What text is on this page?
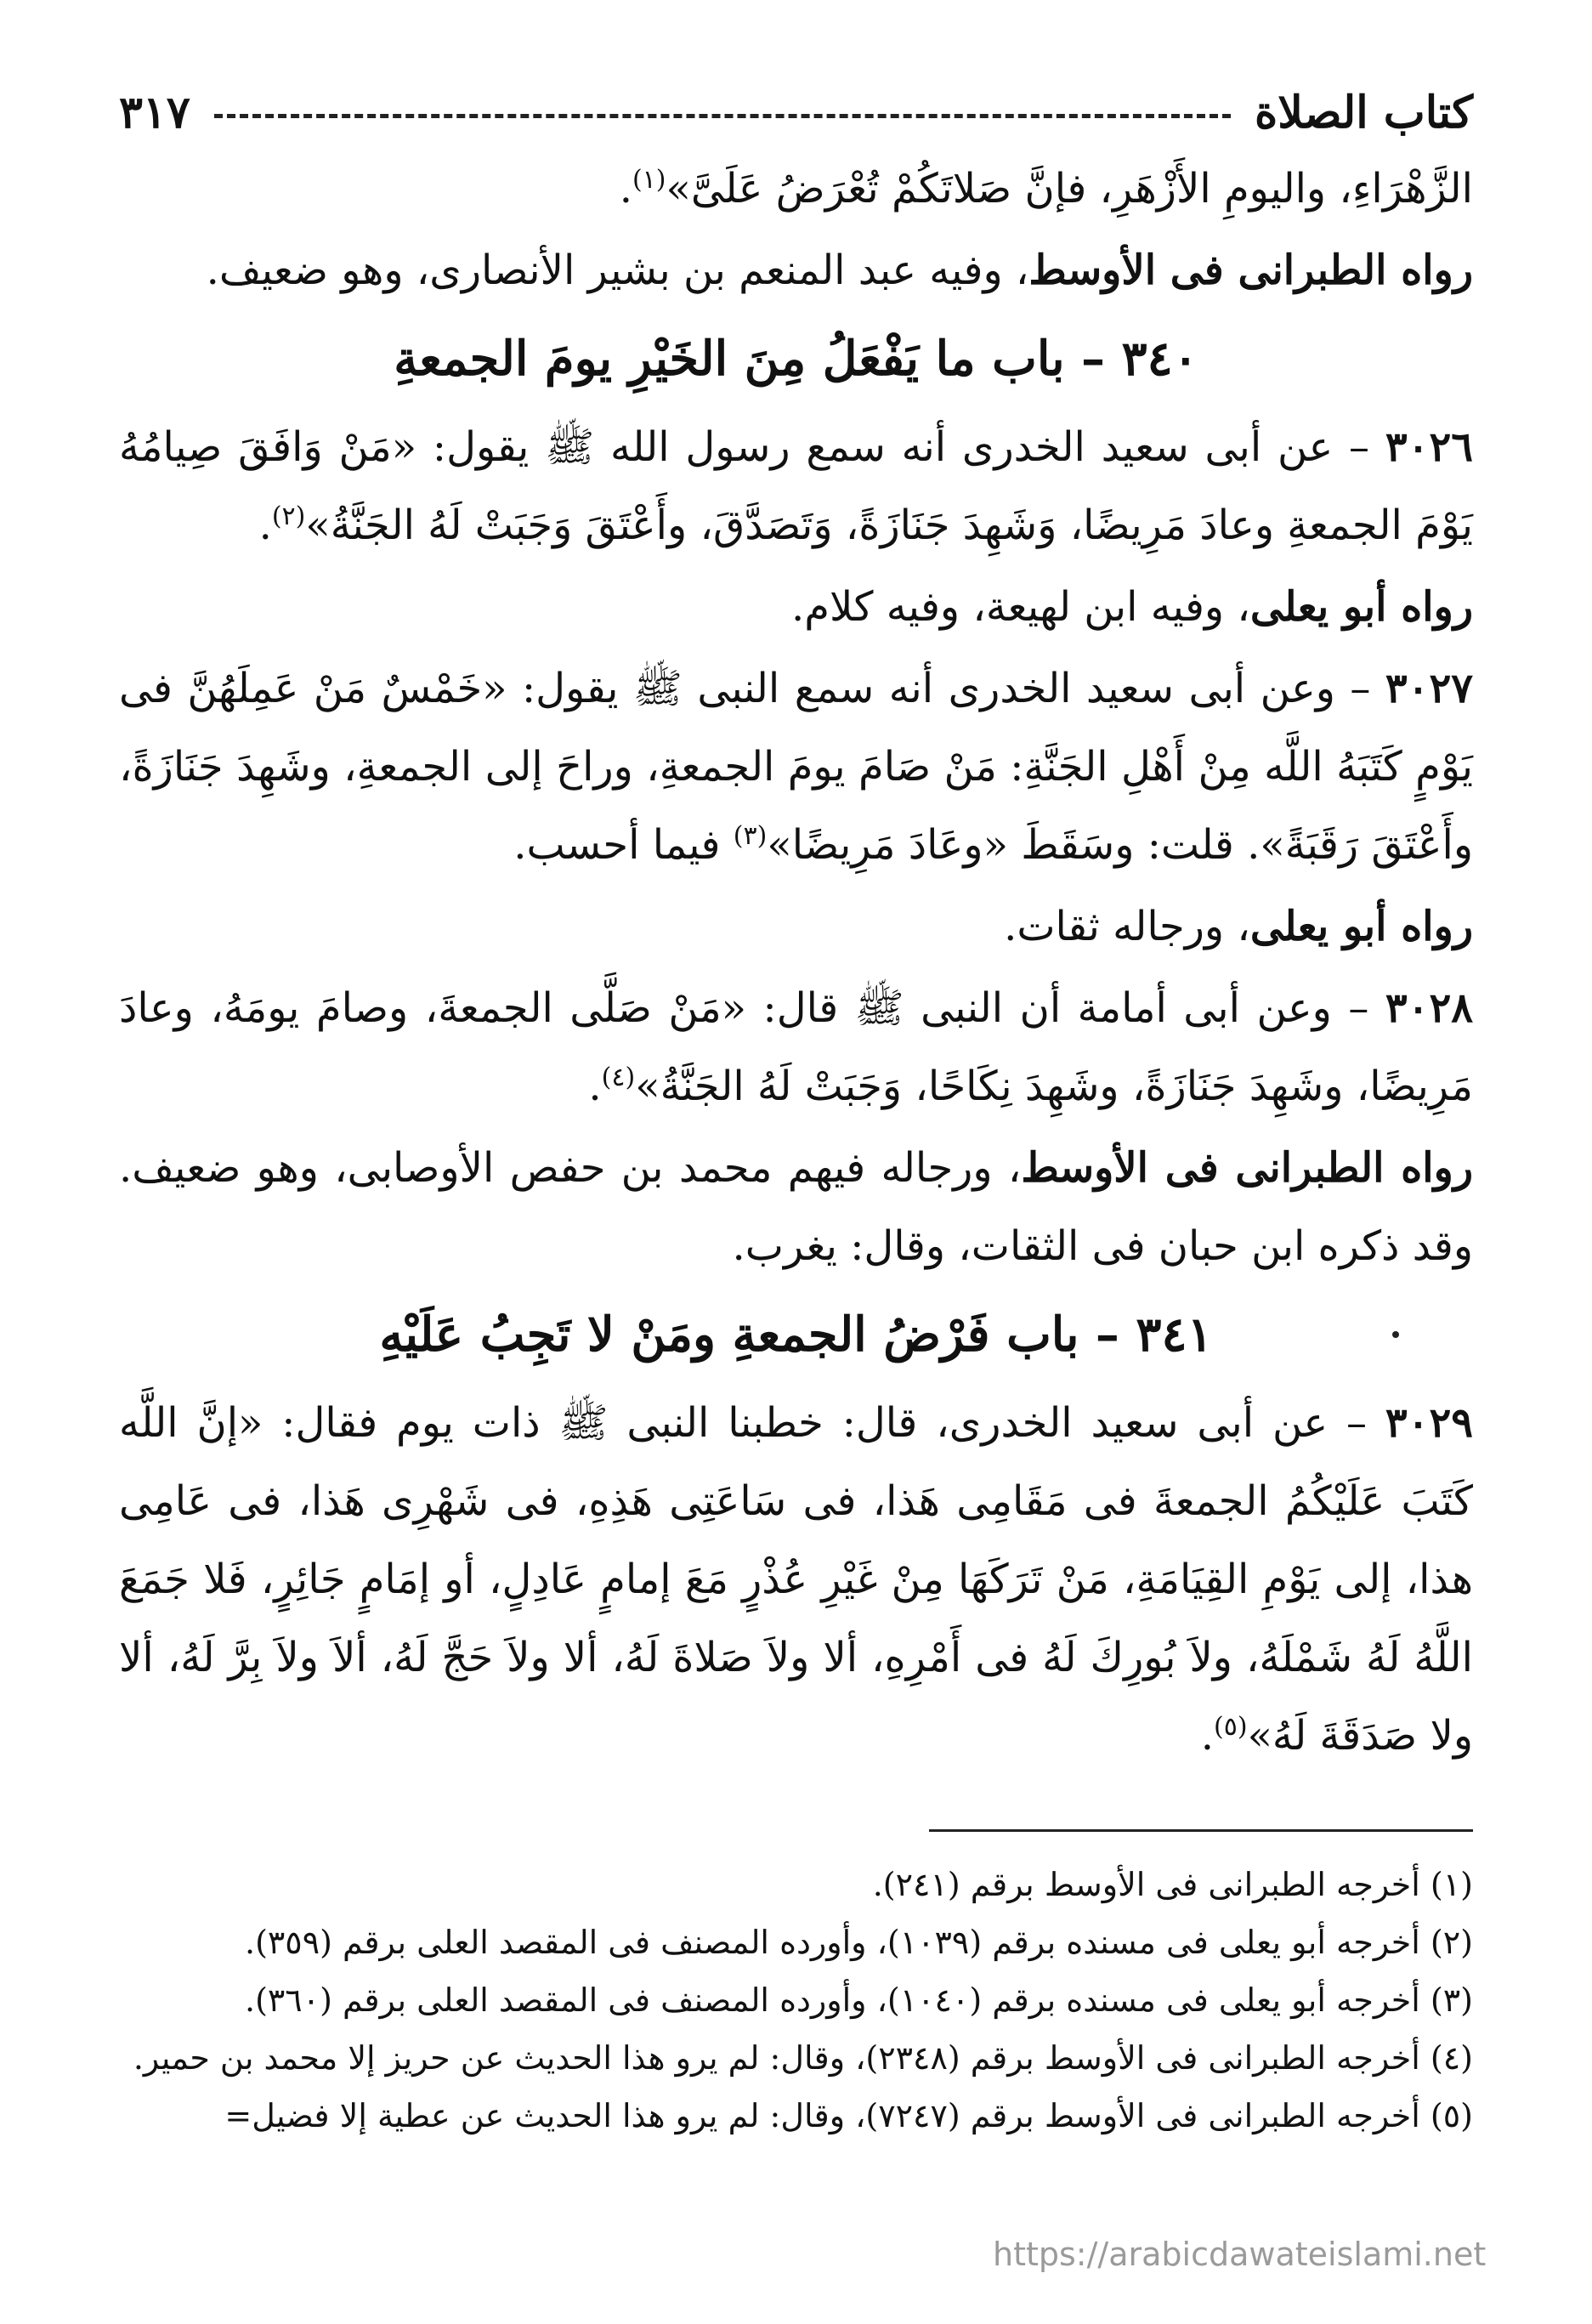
كتاب الصلاة
٣١٧

الزَّهْرَاءِ، واليومِ الأَزْهَرِ، فإنَّ صَلاتَكُمْ تُعْرَضُ عَلَىَّ»$^{(١)}$.

رواه الطبرانى فى الأوسط، وفيه عبد المنعم بن بشير الأنصارى، وهو ضعيف.

٣٤٠ – باب ما يَفْعَلُ مِنَ الخَيْرِ يومَ الجمعةِ

٣٠٢٦ – عن أبى سعيد الخدرى أنه سمع رسول الله ﷺ يقول: «مَنْ وَافَقَ صِيامُهُ يَوْمَ الجمعةِ وعادَ مَرِيضًا، وَشَهِدَ جَنَازَةً، وَتَصَدَّقَ، وأَعْتَقَ وَجَبَتْ لَهُ الجَنَّةُ»$^{(٢)}$.

رواه أبو يعلى، وفيه ابن لهيعة، وفيه كلام.

٣٠٢٧ – وعن أبى سعيد الخدرى أنه سمع النبى ﷺ يقول: «خَمْسٌ مَنْ عَمِلَهُنَّ فى يَوْمٍ كَتَبَهُ اللَّه مِنْ أَهْلِ الجَنَّةِ: مَنْ صَامَ يومَ الجمعةِ، وراحَ إلى الجمعةِ، وشَهِدَ جَنَازَةً، وأَعْتَقَ رَقَبَةً». قلت: وسَقَطَ «وعَادَ مَرِيضًا»$^{(٣)}$ فيما أحسب.

رواه أبو يعلى، ورجاله ثقات.

٣٠٢٨ – وعن أبى أمامة أن النبى ﷺ قال: «مَنْ صَلَّى الجمعةَ، وصامَ يومَهُ، وعادَ مَرِيضًا، وشَهِدَ جَنَازَةً، وشَهِدَ نِكَاحًا، وَجَبَتْ لَهُ الجَنَّةُ»$^{(٤)}$.

رواه الطبرانى فى الأوسط، ورجاله فيهم محمد بن حفص الأوصابى، وهو ضعيف. وقد ذكره ابن حبان فى الثقات، وقال: يغرب.

٣٤١ – باب فَرْضُ الجمعةِ ومَنْ لا تَجِبُ عَلَيْهِ

٣٠٢٩ – عن أبى سعيد الخدرى، قال: خطبنا النبى ﷺ ذات يوم فقال: «إنَّ اللَّه كَتَبَ عَلَيْكُمُ الجمعةَ فى مَقَامِى هَذا، فى سَاعَتِى هَذِهِ، فى شَهْرِى هَذا، فى عَامِى هذا، إلى يَوْمِ القِيَامَةِ، مَنْ تَرَكَهَا مِنْ غَيْرِ عُذْرٍ مَعَ إمامٍ عَادِلٍ، أو إمَامٍ جَائِرٍ، فَلا جَمَعَ اللَّهُ لَهُ شَمْلَهُ، ولاَ بُورِكَ لَهُ فى أَمْرِهِ، ألا ولاَ صَلاةَ لَهُ، ألا ولاَ حَجَّ لَهُ، ألاَ ولاَ بِرَّ لَهُ، ألا ولا صَدَقَةَ لَهُ»$^{(٥)}$.

(١) أخرجه الطبرانى فى الأوسط برقم (٢٤١).

(٢) أخرجه أبو يعلى فى مسنده برقم (١٠٣٩)، وأورده المصنف فى المقصد العلى برقم (٣٥٩).

(٣) أخرجه أبو يعلى فى مسنده برقم (١٠٤٠)، وأورده المصنف فى المقصد العلى برقم (٣٦٠).

(٤) أخرجه الطبرانى فى الأوسط برقم (٢٣٤٨)، وقال: لم يرو هذا الحديث عن حريز إلا محمد بن حمير.

(٥) أخرجه الطبرانى فى الأوسط برقم (٧٢٤٧)، وقال: لم يرو هذا الحديث عن عطية إلا فضيل=

https://arabicdawateislami.net
